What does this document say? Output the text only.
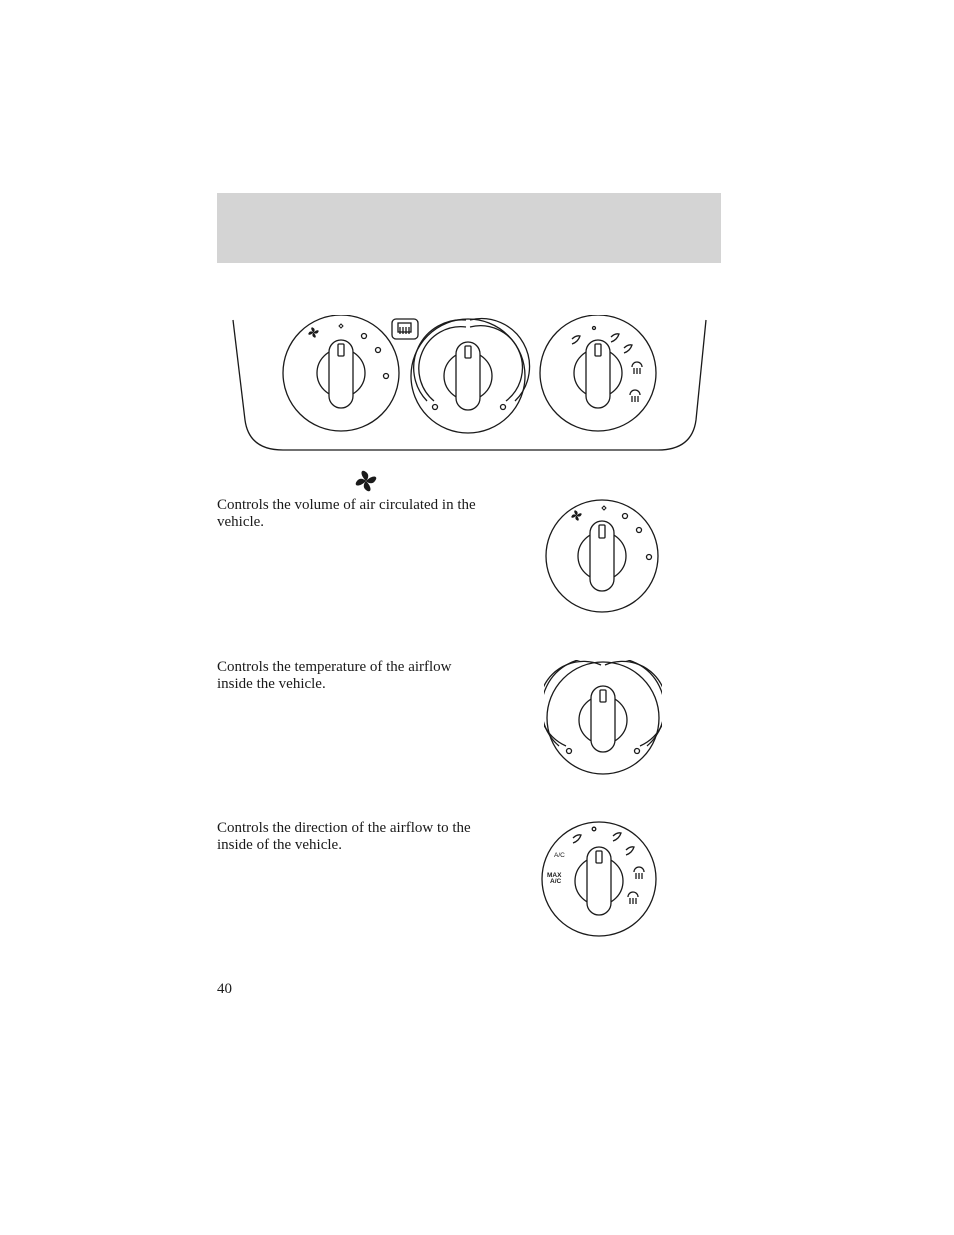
Controls the volume of air circulated in the vehicle.

Controls the temperature of the airflow inside the vehicle.

Controls the direction of the airflow to the inside of the vehicle.

A/C
MAX
A/C
40
